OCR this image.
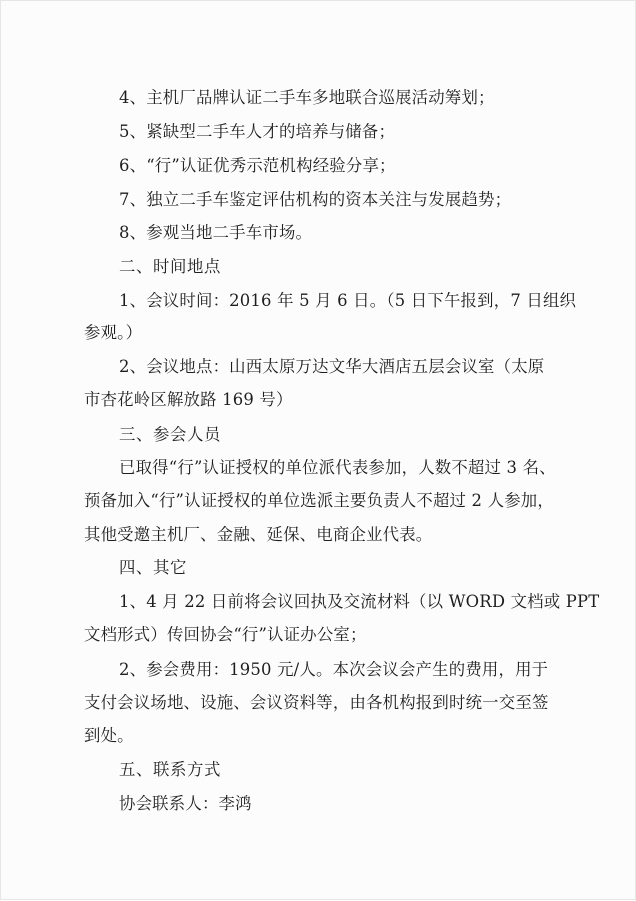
4、主机厂品牌认证二手车多地联合巡展活动筹划；
5、紧缺型二手车人才的培养与储备；
6、“行”认证优秀示范机构经验分享；
7、独立二手车鉴定评估机构的资本关注与发展趋势；
8、参观当地二手车市场。
二、时间地点
1、会议时间：2016 年 5 月 6 日。（5 日下午报到，7 日组织
参观。）
2、会议地点：山西太原万达文华大酒店五层会议室（太原
市杏花岭区解放路 169 号）
三、参会人员
已取得“行”认证授权的单位派代表参加，人数不超过 3 名、
预备加入“行”认证授权的单位选派主要负责人不超过 2 人参加，
其他受邀主机厂、金融、延保、电商企业代表。
四、其它
1、4 月 22 日前将会议回执及交流材料（以 WORD 文档或 PPT
文档形式）传回协会“行”认证办公室；
2、参会费用：1950 元/人。本次会议会产生的费用，用于
支付会议场地、设施、会议资料等，由各机构报到时统一交至签
到处。
五、联系方式
协会联系人：李鸿
